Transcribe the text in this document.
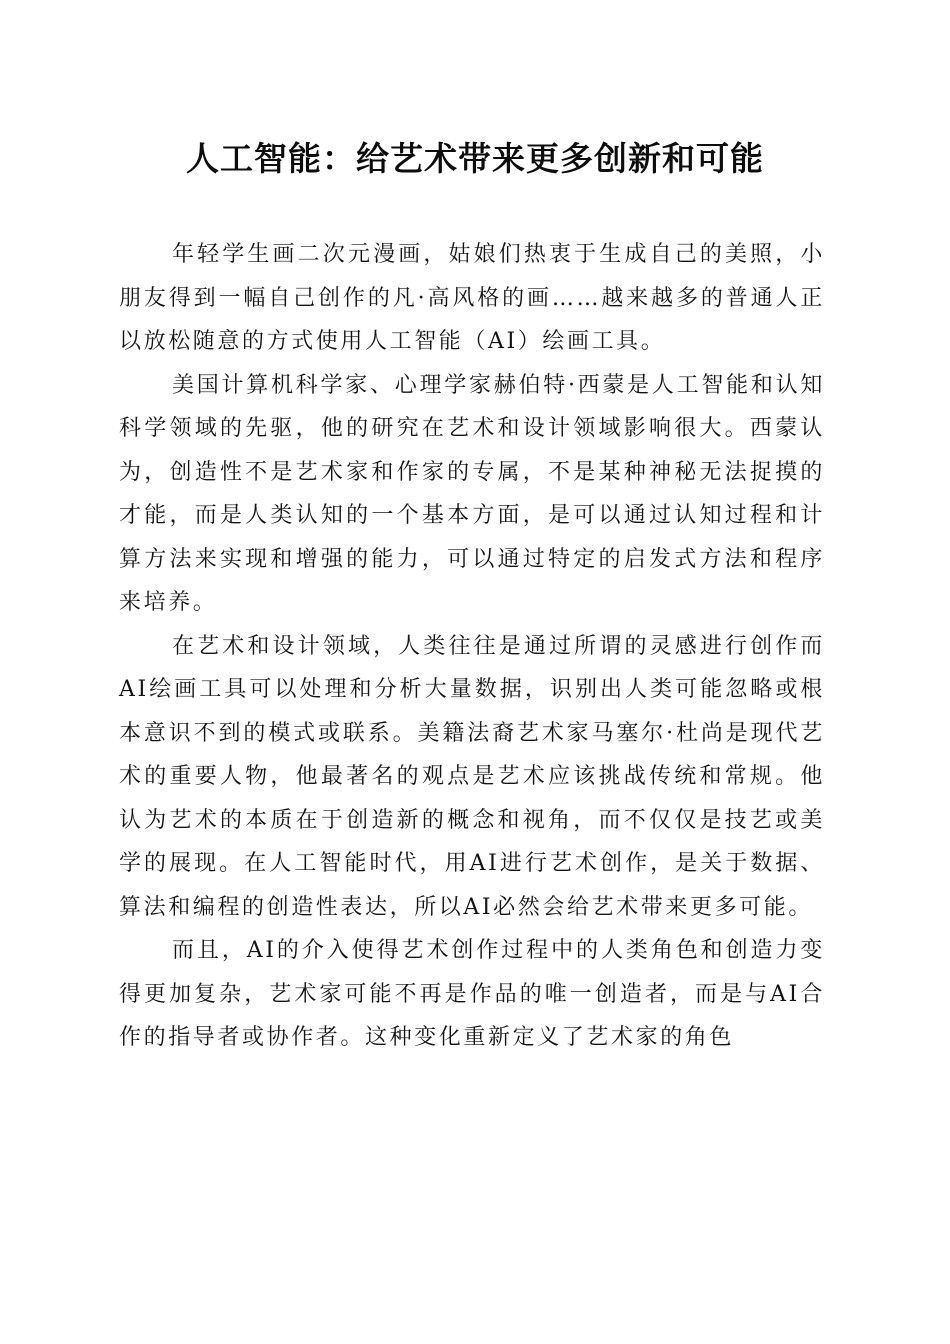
人工智能：给艺术带来更多创新和可能

年轻学生画二次元漫画，姑娘们热衷于生成自己的美照，小朋友得到一幅自己创作的凡·高风格的画……越来越多的普通人正以放松随意的方式使用人工智能（AI）绘画工具。

美国计算机科学家、心理学家赫伯特·西蒙是人工智能和认知科学领域的先驱，他的研究在艺术和设计领域影响很大。西蒙认为，创造性不是艺术家和作家的专属，不是某种神秘无法捉摸的才能，而是人类认知的一个基本方面，是可以通过认知过程和计算方法来实现和增强的能力，可以通过特定的启发式方法和程序来培养。

在艺术和设计领域，人类往往是通过所谓的灵感进行创作而AI绘画工具可以处理和分析大量数据，识别出人类可能忽略或根本意识不到的模式或联系。美籍法裔艺术家马塞尔·杜尚是现代艺术的重要人物，他最著名的观点是艺术应该挑战传统和常规。他认为艺术的本质在于创造新的概念和视角，而不仅仅是技艺或美学的展现。在人工智能时代，用AI进行艺术创作，是关于数据、算法和编程的创造性表达，所以AI必然会给艺术带来更多可能。

而且，AI的介入使得艺术创作过程中的人类角色和创造力变得更加复杂，艺术家可能不再是作品的唯一创造者，而是与AI合作的指导者或协作者。这种变化重新定义了艺术家的角色
